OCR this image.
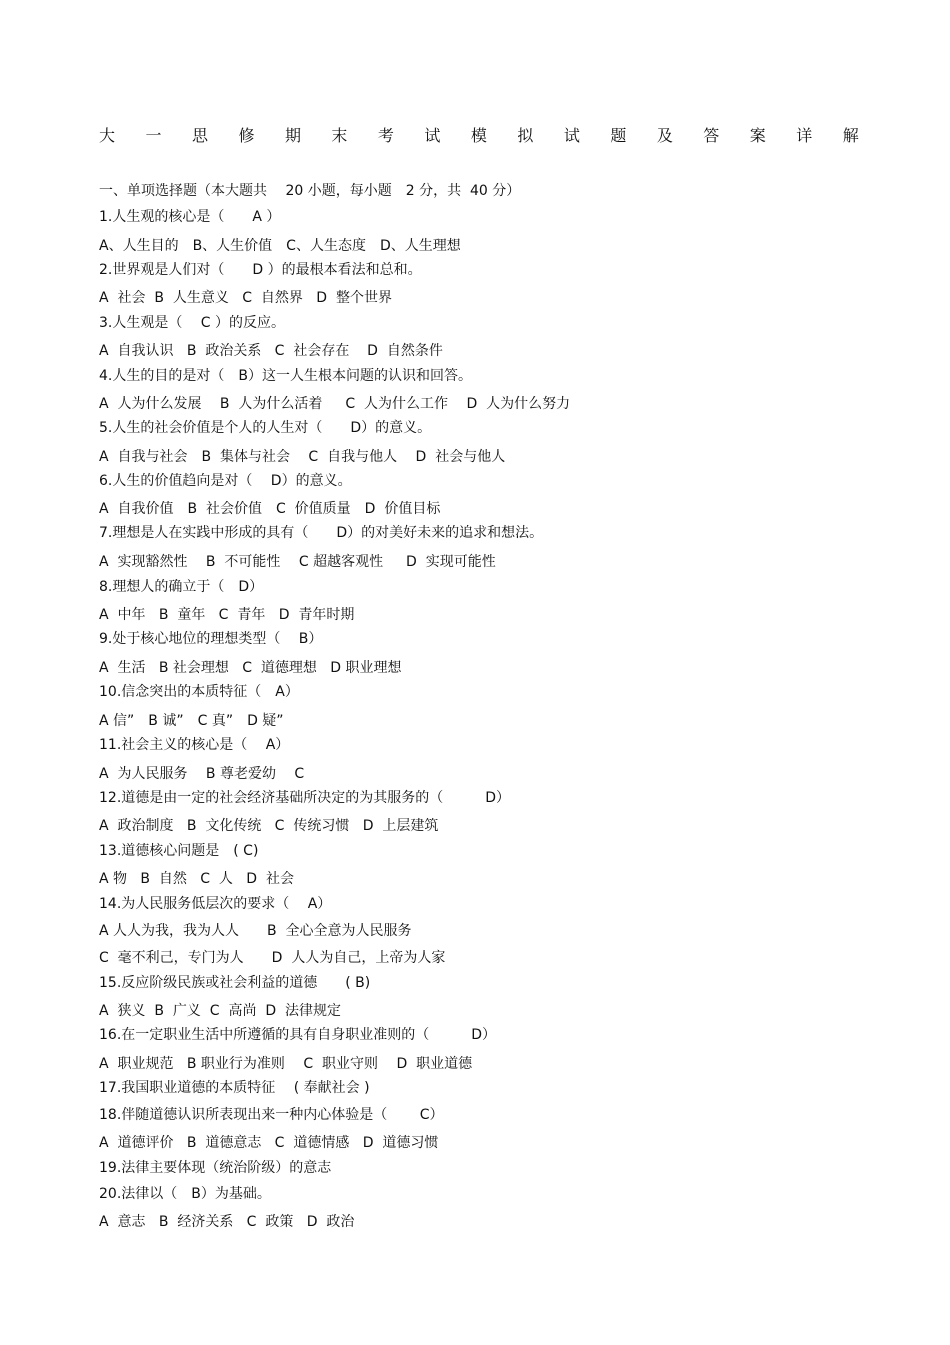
大 一 思 修 期 末 考 试 模 拟 试 题 及 答 案 详 解
一、单项选择题（本大题共　 20 小题，每小题　2 分，共  40 分）
1.人生观的核心是（　　A ）
A、人生目的　B、人生价值　C、人生态度　D、人生理想
2.世界观是人们对（　　D ）的最根本看法和总和。
A  社会  B  人生意义   C  自然界   D  整个世界
3.人生观是（　 C ）的反应。
A  自我认识   B  政治关系   C  社会存在    D  自然条件
4.人生的目的是对（　B）这一人生根本问题的认识和回答。
A  人为什么发展　 B  人为什么活着　  C  人为什么工作　 D  人为什么努力
5.人生的社会价值是个人的人生对（　　D）的意义。
A  自我与社会　B  集体与社会　 C  自我与他人　 D  社会与他人
6.人生的价值趋向是对（　 D）的意义。
A  自我价值　B  社会价值　C  价值质量　D  价值目标
7.理想是人在实践中形成的具有（　　D）的对美好未来的追求和想法。
A  实现豁然性　 B  不可能性　 C 超越客观性　  D  实现可能性
8.理想人的确立于（　D）
A  中年   B  童年   C  青年   D  青年时期
9.处于核心地位的理想类型（　 B）
A  生活   B 社会理想   C  道德理想   D 职业理想
10.信念突出的本质特征（　A）
A 信”　B 诚”　C 真”　D 疑”
11.社会主义的核心是（　 A）
A  为人民服务　 B 尊老爱幼　 C
12.道德是由一定的社会经济基础所决定的为其服务的（　　　D）
A  政治制度   B  文化传统   C  传统习惯   D  上层建筑
13.道德核心问题是　( C)
A 物   B  自然   C  人   D  社会
14.为人民服务低层次的要求（　 A）
A 人人为我，我为人人　　B  全心全意为人民服务
C  毫不利己，专门为人　　D  人人为自己，上帝为人家
15.反应阶级民族或社会利益的道德　　( B)
A  狭义  B  广义  C  高尚  D  法律规定
16.在一定职业生活中所遵循的具有自身职业准则的（　　　D）
A  职业规范   B 职业行为准则　 C  职业守则　 D  职业道德
17.我国职业道德的本质特征　 ( 奉献社会 )
18.伴随道德认识所表现出来一种内心体验是（　　 C）
A  道德评价   B  道德意志   C  道德情感   D  道德习惯
19.法律主要体现（统治阶级）的意志
20.法律以（　B）为基础。
A  意志   B  经济关系   C  政策   D  政治
